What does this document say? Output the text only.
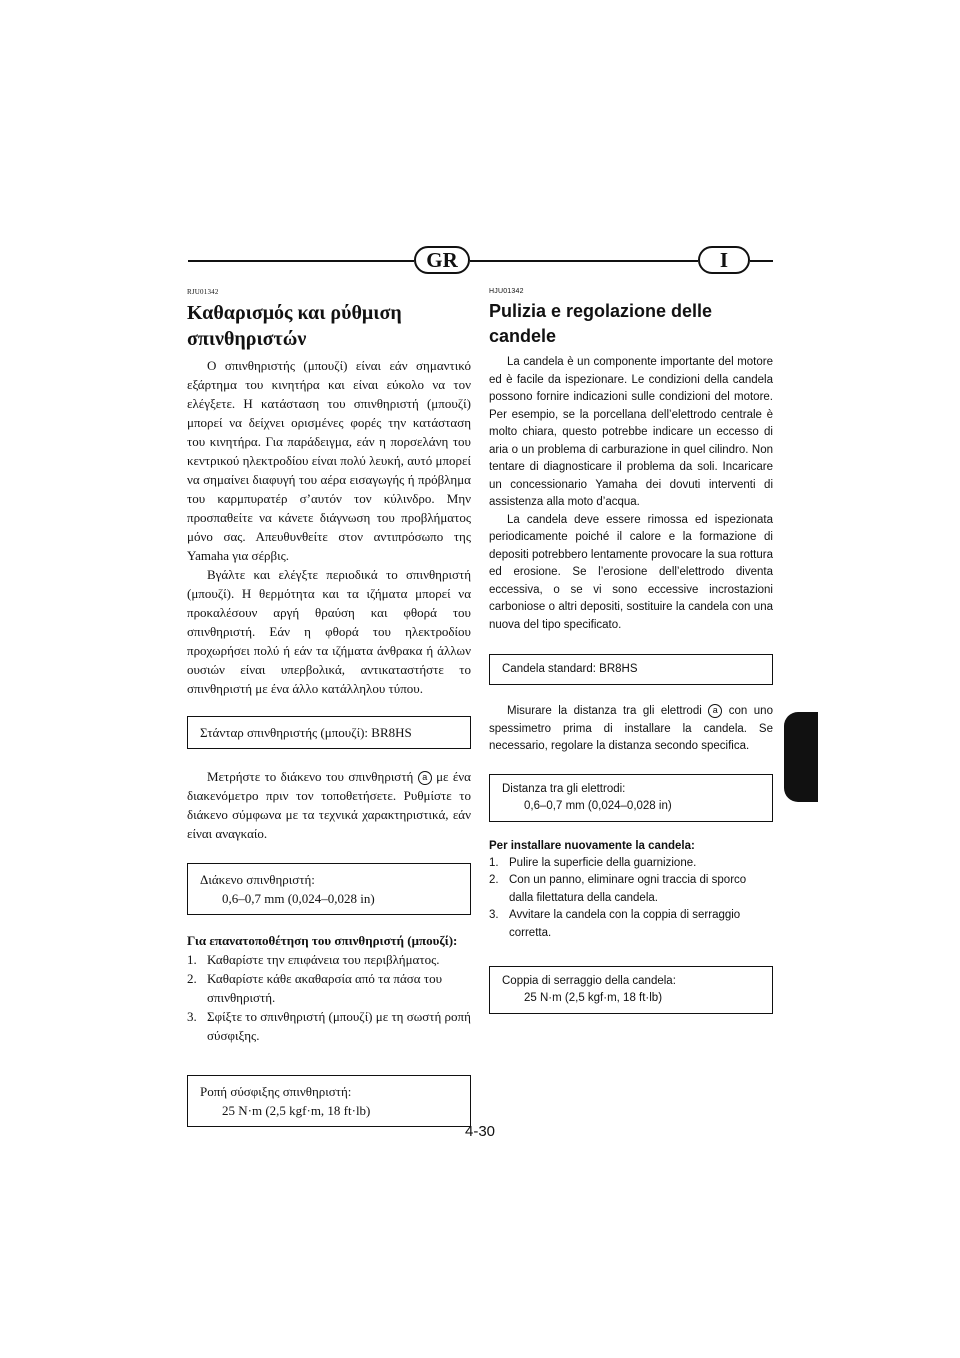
GR	I
RJU01342
Καθαρισμός και ρύθμιση σπινθηριστών

Ο σπινθηριστής (μπουζί) είναι εάν σημαντικό εξάρτημα του κινητήρα και είναι εύκολο να τον ελέγξετε. Η κατάσταση του σπινθηριστή (μπουζί) μπορεί να δείχνει ορισμένες φορές την κατάσταση του κινητήρα. Για παράδειγμα, εάν η πορσελάνη του κεντρικού ηλεκτροδίου είναι πολύ λευκή, αυτό μπορεί να σημαίνει διαφυγή του αέρα εισαγωγής ή πρόβλημα του καρμπυρατέρ σ’αυτόν τον κύλινδρο. Μην προσπαθείτε να κάνετε διάγνωση του προβλήματος μόνο σας. Απευθυνθείτε στον αντιπρόσωπο της Yamaha για σέρβις.

Βγάλτε και ελέγξτε περιοδικά το σπινθηριστή (μπουζί). Η θερμότητα και τα ιζήματα μπορεί να προκαλέσουν αργή θραύση και φθορά του σπινθηριστή. Εάν η φθορά του ηλεκτροδίου προχωρήσει πολύ ή εάν τα ιζήματα άνθρακα ή άλλων ουσιών είναι υπερβολικά, αντικαταστήστε το σπινθηριστή με ένα άλλο κατάλληλου τύπου.

Στάνταρ σπινθηριστής (μπουζί): BR8HS

Μετρήστε το διάκενο του σπινθηριστή a με ένα διακενόμετρο πριν τον τοποθετήσετε. Ρυθμίστε το διάκενο σύμφωνα με τα τεχνικά χαρακτηριστικά, εάν είναι αναγκαίο.

Διάκενο σπινθηριστή:
0,6–0,7 mm (0,024–0,028 in)

Για επανατοποθέτηση του σπινθηριστή (μπουζί):

1. Καθαρίστε την επιφάνεια του περιβλήματος.
2. Καθαρίστε κάθε ακαθαρσία από τα πάσα του σπινθηριστή.
3. Σφίξτε το σπινθηριστή (μπουζί) με τη σωστή ροπή σύσφιξης.
Ροπή σύσφιξης σπινθηριστή:
25 N·m (2,5 kgf·m, 18 ft·lb)
HJU01342
Pulizia e regolazione delle candele

La candela è un componente importante del motore ed è facile da ispezionare. Le condizioni della candela possono fornire indicazioni sulle condizioni del motore. Per esempio, se la porcellana dell’elettrodo centrale è molto chiara, questo potrebbe indicare un eccesso di aria o un problema di carburazione in quel cilindro. Non tentare di diagnosticare il problema da soli. Incaricare un concessionario Yamaha dei dovuti interventi di assistenza alla moto d’acqua.

La candela deve essere rimossa ed ispezionata periodicamente poiché il calore e la formazione di depositi potrebbero lentamente provocare la sua rottura ed erosione. Se l’erosione dell’elettrodo diventa eccessiva, o se vi sono eccessive incrostazioni carboniose o altri depositi, sostituire la candela con una nuova del tipo specificato.

Candela standard: BR8HS

Misurare la distanza tra gli elettrodi a con uno spessimetro prima di installare la candela. Se necessario, regolare la distanza secondo specifica.

Distanza tra gli elettrodi:
0,6–0,7 mm (0,024–0,028 in)

Per installare nuovamente la candela:

1. Pulire la superficie della guarnizione.
2. Con un panno, eliminare ogni traccia di sporco dalla filettatura della candela.
3. Avvitare la candela con la coppia di serraggio corretta.
Coppia di serraggio della candela:
25 N·m (2,5 kgf·m, 18 ft·lb)
4-30
